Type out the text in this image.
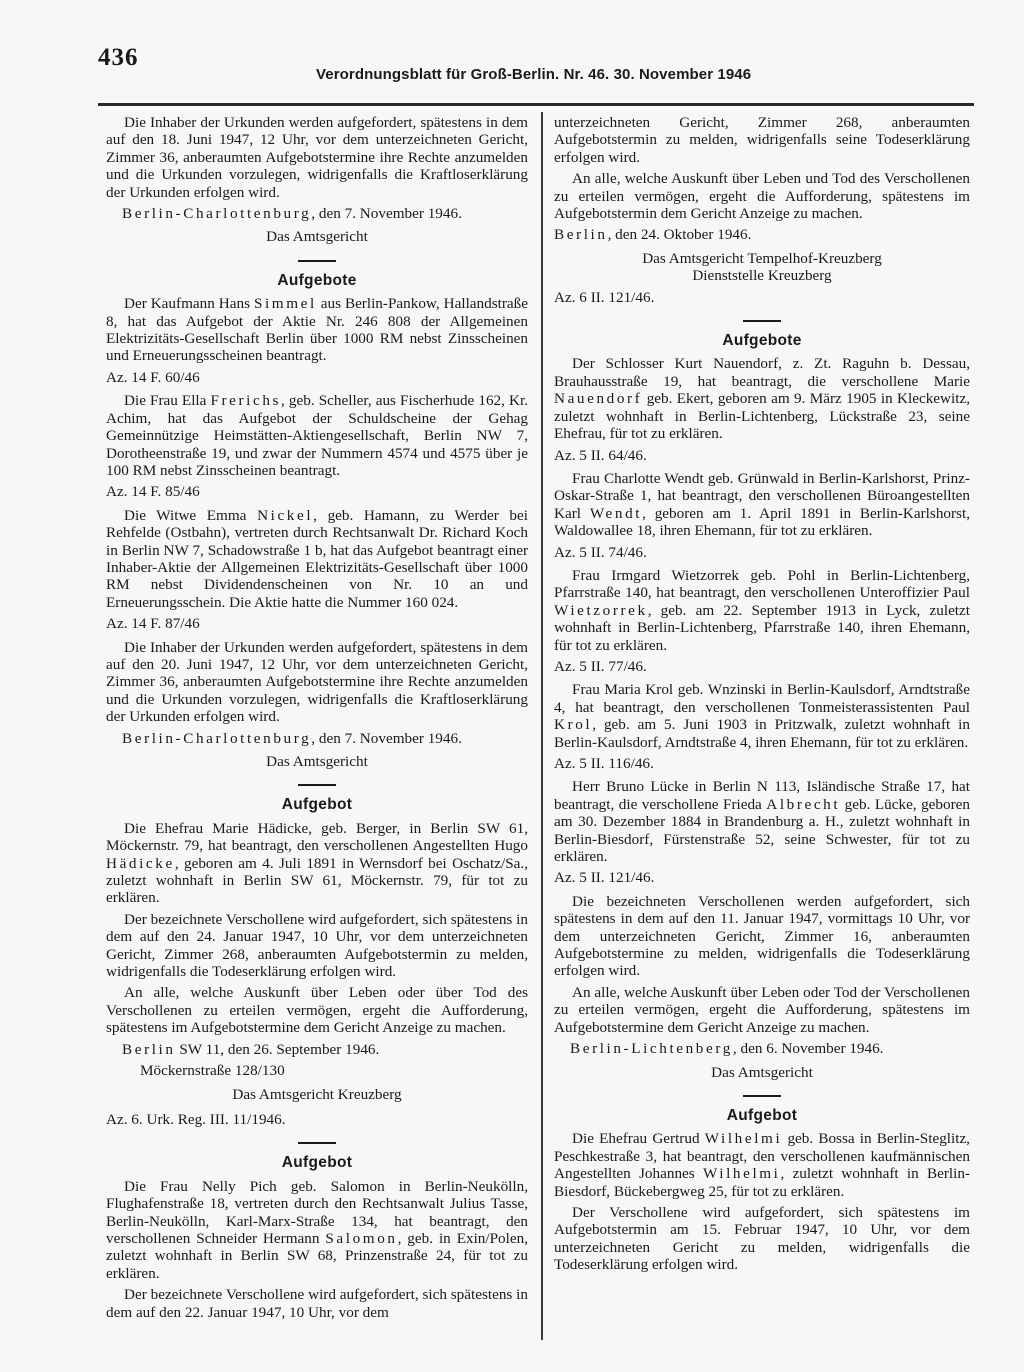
436
Verordnungsblatt für Groß-Berlin. Nr. 46. 30. November 1946

Die Inhaber der Urkunden werden aufgefordert, spätestens in dem auf den 18. Juni 1947, 12 Uhr, vor dem unterzeichneten Gericht, Zimmer 36, anberaumten Aufgebotstermine ihre Rechte anzumelden und die Urkunden vorzulegen, widrigenfalls die Kraftloserklärung der Urkunden erfolgen wird.

Berlin-Charlottenburg, den 7. November 1946.

Das Amtsgericht

Aufgebote

Der Kaufmann Hans Simmel aus Berlin-Pankow, Hallandstraße 8, hat das Aufgebot der Aktie Nr. 246 808 der Allgemeinen Elektrizitäts-Gesellschaft Berlin über 1000 RM nebst Zinsscheinen und Erneuerungsscheinen beantragt.

Az. 14 F. 60/46

Die Frau Ella Frerichs, geb. Scheller, aus Fischerhude 162, Kr. Achim, hat das Aufgebot der Schuldscheine der Gehag Gemeinnützige Heimstätten-Aktiengesellschaft, Berlin NW 7, Dorotheenstraße 19, und zwar der Nummern 4574 und 4575 über je 100 RM nebst Zinsscheinen beantragt.

Az. 14 F. 85/46

Die Witwe Emma Nickel, geb. Hamann, zu Werder bei Rehfelde (Ostbahn), vertreten durch Rechtsanwalt Dr. Richard Koch in Berlin NW 7, Schadowstraße 1 b, hat das Aufgebot beantragt einer Inhaber-Aktie der Allgemeinen Elektrizitäts-Gesellschaft über 1000 RM nebst Dividendenscheinen von Nr. 10 an und Erneuerungsschein. Die Aktie hatte die Nummer 160 024.

Az. 14 F. 87/46

Die Inhaber der Urkunden werden aufgefordert, spätestens in dem auf den 20. Juni 1947, 12 Uhr, vor dem unterzeichneten Gericht, Zimmer 36, anberaumten Aufgebotstermine ihre Rechte anzumelden und die Urkunden vorzulegen, widrigenfalls die Kraftloserklärung der Urkunden erfolgen wird.

Berlin-Charlottenburg, den 7. November 1946.

Das Amtsgericht

Aufgebot

Die Ehefrau Marie Hädicke, geb. Berger, in Berlin SW 61, Möckernstr. 79, hat beantragt, den verschollenen Angestellten Hugo Hädicke, geboren am 4. Juli 1891 in Wernsdorf bei Oschatz/Sa., zuletzt wohnhaft in Berlin SW 61, Möckernstr. 79, für tot zu erklären.

Der bezeichnete Verschollene wird aufgefordert, sich spätestens in dem auf den 24. Januar 1947, 10 Uhr, vor dem unterzeichneten Gericht, Zimmer 268, anberaumten Aufgebotstermin zu melden, widrigenfalls die Todeserklärung erfolgen wird.

An alle, welche Auskunft über Leben oder über Tod des Verschollenen zu erteilen vermögen, ergeht die Aufforderung, spätestens im Aufgebotstermine dem Gericht Anzeige zu machen.

Berlin SW 11, den 26. September 1946.

Möckernstraße 128/130

Das Amtsgericht Kreuzberg

Az. 6. Urk. Reg. III. 11/1946.

Aufgebot

Die Frau Nelly Pich geb. Salomon in Berlin-Neukölln, Flughafenstraße 18, vertreten durch den Rechtsanwalt Julius Tasse, Berlin-Neukölln, Karl-Marx-Straße 134, hat beantragt, den verschollenen Schneider Hermann Salomon, geb. in Exin/Polen, zuletzt wohnhaft in Berlin SW 68, Prinzenstraße 24, für tot zu erklären.

Der bezeichnete Verschollene wird aufgefordert, sich spätestens in dem auf den 22. Januar 1947, 10 Uhr, vor dem

unterzeichneten Gericht, Zimmer 268, anberaumten Aufgebotstermin zu melden, widrigenfalls seine Todeserklärung erfolgen wird.

An alle, welche Auskunft über Leben und Tod des Verschollenen zu erteilen vermögen, ergeht die Aufforderung, spätestens im Aufgebotstermin dem Gericht Anzeige zu machen.

Berlin, den 24. Oktober 1946.

Das Amtsgericht Tempelhof-Kreuzberg

Dienststelle Kreuzberg

Az. 6 II. 121/46.

Aufgebote

Der Schlosser Kurt Nauendorf, z. Zt. Raguhn b. Dessau, Brauhausstraße 19, hat beantragt, die verschollene Marie Nauendorf geb. Ekert, geboren am 9. März 1905 in Kleckewitz, zuletzt wohnhaft in Berlin-Lichtenberg, Lückstraße 23, seine Ehefrau, für tot zu erklären.

Az. 5 II. 64/46.

Frau Charlotte Wendt geb. Grünwald in Berlin-Karlshorst, Prinz-Oskar-Straße 1, hat beantragt, den verschollenen Büroangestellten Karl Wendt, geboren am 1. April 1891 in Berlin-Karlshorst, Waldowallee 18, ihren Ehemann, für tot zu erklären.

Az. 5 II. 74/46.

Frau Irmgard Wietzorrek geb. Pohl in Berlin-Lichtenberg, Pfarrstraße 140, hat beantragt, den verschollenen Unteroffizier Paul Wietzorrek, geb. am 22. September 1913 in Lyck, zuletzt wohnhaft in Berlin-Lichtenberg, Pfarrstraße 140, ihren Ehemann, für tot zu erklären.

Az. 5 II. 77/46.

Frau Maria Krol geb. Wnzinski in Berlin-Kaulsdorf, Arndtstraße 4, hat beantragt, den verschollenen Tonmeisterassistenten Paul Krol, geb. am 5. Juni 1903 in Pritzwalk, zuletzt wohnhaft in Berlin-Kaulsdorf, Arndtstraße 4, ihren Ehemann, für tot zu erklären.

Az. 5 II. 116/46.

Herr Bruno Lücke in Berlin N 113, Isländische Straße 17, hat beantragt, die verschollene Frieda Albrecht geb. Lücke, geboren am 30. Dezember 1884 in Brandenburg a. H., zuletzt wohnhaft in Berlin-Biesdorf, Fürstenstraße 52, seine Schwester, für tot zu erklären.

Az. 5 II. 121/46.

Die bezeichneten Verschollenen werden aufgefordert, sich spätestens in dem auf den 11. Januar 1947, vormittags 10 Uhr, vor dem unterzeichneten Gericht, Zimmer 16, anberaumten Aufgebotstermine zu melden, widrigenfalls die Todeserklärung erfolgen wird.

An alle, welche Auskunft über Leben oder Tod der Verschollenen zu erteilen vermögen, ergeht die Aufforderung, spätestens im Aufgebotstermine dem Gericht Anzeige zu machen.

Berlin-Lichtenberg, den 6. November 1946.

Das Amtsgericht

Aufgebot

Die Ehefrau Gertrud Wilhelmi geb. Bossa in Berlin-Steglitz, Peschkestraße 3, hat beantragt, den verschollenen kaufmännischen Angestellten Johannes Wilhelmi, zuletzt wohnhaft in Berlin-Biesdorf, Bückebergweg 25, für tot zu erklären.

Der Verschollene wird aufgefordert, sich spätestens im Aufgebotstermin am 15. Februar 1947, 10 Uhr, vor dem unterzeichneten Gericht zu melden, widrigenfalls die Todeserklärung erfolgen wird.
